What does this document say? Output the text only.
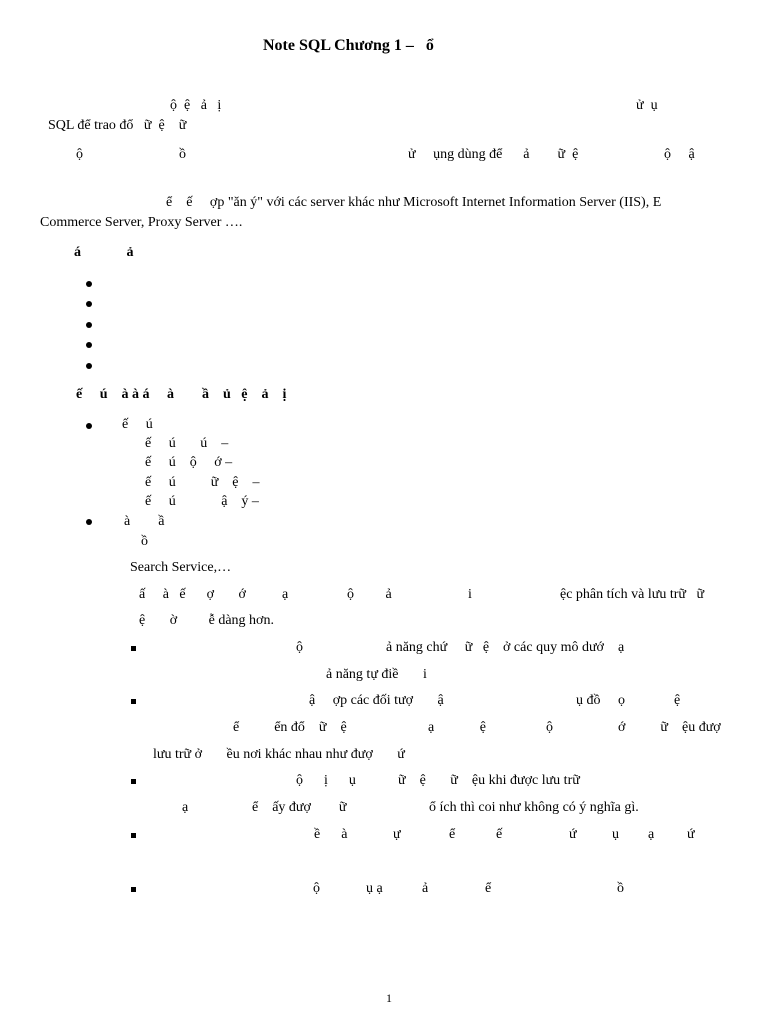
Note SQL Chương 1 –   ổ
ộ  ệ   ả   ị	ử  ụ
SQL để trao đổ   ữ  ệ    ữ
ộ	ồ	ử     ụng dùng để      ả        ữ  ệ	ộ     ậ
ể    ế     ợp "ăn ý" với các server khác như Microsoft Internet Information Server (IIS), E
Commerce Server, Proxy Server ….
á             ả
ế     ú    à à á     à        ầ    ủ   ệ    ả    ị
ế     ú
ế     ú       ú    –
ế     ú    ộ     ớ –
ế     ú          ữ    ệ    –
ế     ú             ậ    ý –
à        ầ
ồ
Search Service,…
ấ     à   ế      ợ       ớ	ạ	ộ         ả	i	ệc phân tích và lưu trữ   ữ
ệ       ờ         ễ dàng hơn.
ộ	ả năng chứ     ữ   ệ    ở các quy mô dướ    ạ
ả năng tự điề       i
ậ     ợp các đối tượ       ậ	ụ đồ     ọ              ệ
ể          ển đổ    ữ    ệ	ạ             ệ	ộ	ớ          ữ    ệu đượ
lưu trữ ở       ều nơi khác nhau như đượ       ứ
ộ      ị      ụ	ữ    ệ       ữ    ệu khi được lưu trữ
ạ	ể    ấy đượ        ữ	ổ ích thì coi như không có ý nghĩa gì.
ề      à	ự	ể	ế	ứ	ụ ạ ứ
ộ	ụ ạ	ả	ể	ồ
1
